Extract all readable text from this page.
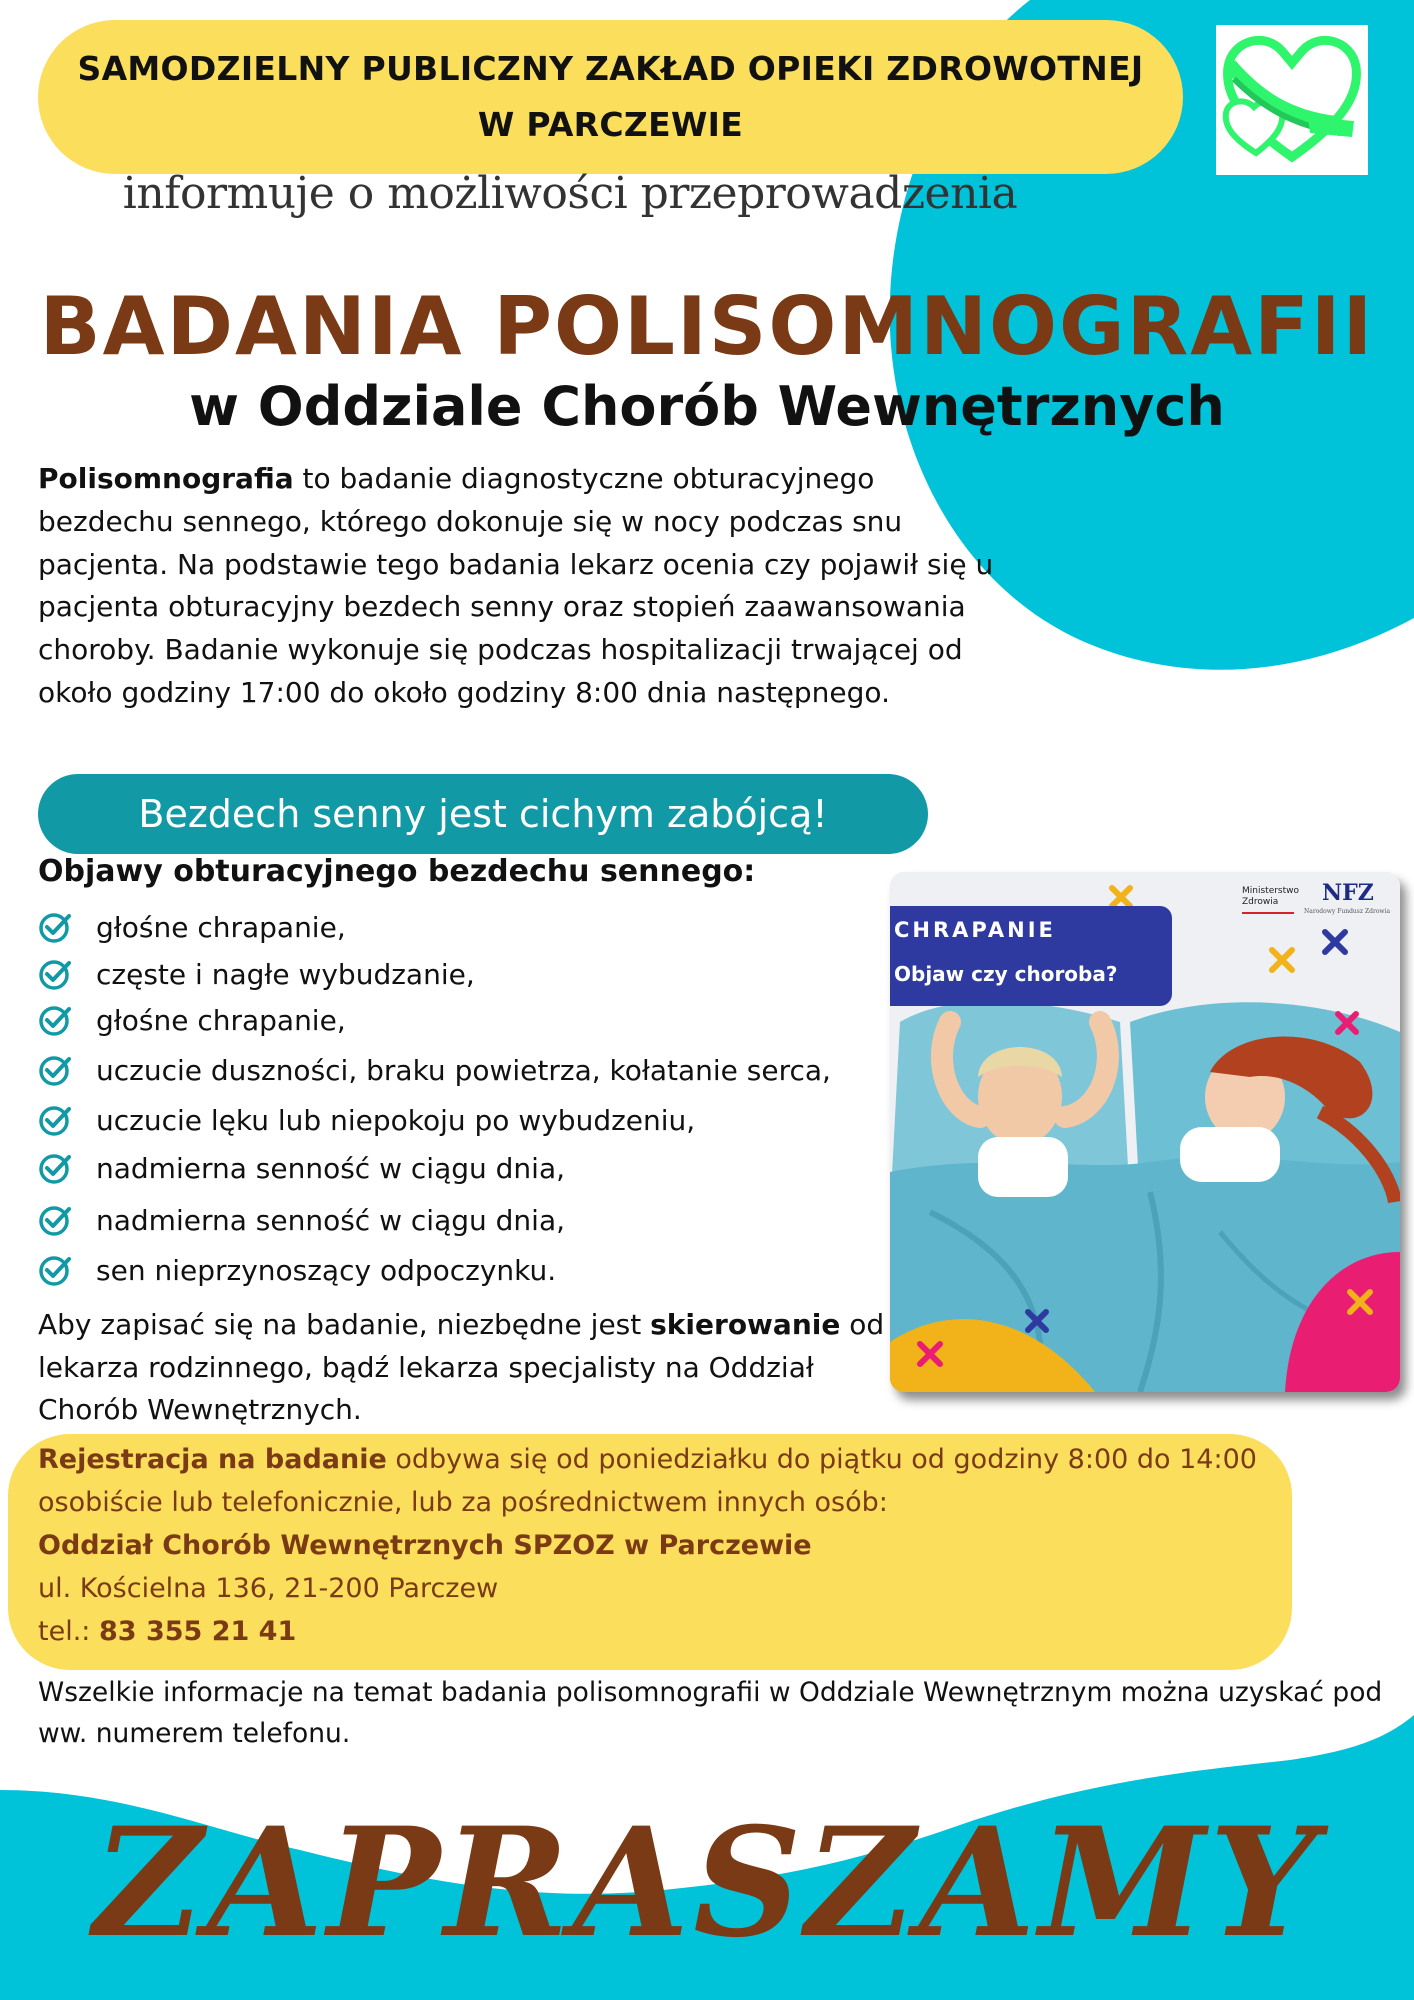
SAMODZIELNY PUBLICZNY ZAKŁAD OPIEKI ZDROWOTNEJ
W PARCZEWIE
informuje o możliwości przeprowadzenia
BADANIA POLISOMNOGRAFII
w Oddziale Chorób Wewnętrznych
Polisomnografia to badanie diagnostyczne obturacyjnego bezdechu sennego, którego dokonuje się w nocy podczas snu pacjenta. Na podstawie tego badania lekarz ocenia czy pojawił się u pacjenta obturacyjny bezdech senny oraz stopień zaawansowania choroby. Badanie wykonuje się podczas hospitalizacji trwającej od około godziny 17:00 do około godziny 8:00 dnia następnego.
Bezdech senny jest cichym zabójcą!
Objawy obturacyjnego bezdechu sennego:
głośne chrapanie,
częste i nagłe wybudzanie,
głośne chrapanie,
uczucie duszności, braku powietrza, kołatanie serca,
uczucie lęku lub niepokoju po wybudzeniu,
nadmierna senność w ciągu dnia,
nadmierna senność w ciągu dnia,
sen nieprzynoszący odpoczynku.
Aby zapisać się na badanie, niezbędne jest skierowanie od lekarza rodzinnego, bądź lekarza specjalisty na Oddział Chorób Wewnętrznych.
CHRAPANIE
Objaw czy choroba?
Ministerstwo
Zdrowia	NFZ
Narodowy Fundusz Zdrowia
Rejestracja na badanie odbywa się od poniedziałku do piątku od godziny 8:00 do 14:00
osobiście lub telefonicznie, lub za pośrednictwem innych osób:
Oddział Chorób Wewnętrznych SPZOZ w Parczewie
ul. Kościelna 136, 21-200 Parczew
tel.: 83 355 21 41
Wszelkie informacje na temat badania polisomnografii w Oddziale Wewnętrznym można uzyskać pod ww. numerem telefonu.
ZAPRASZAMY
